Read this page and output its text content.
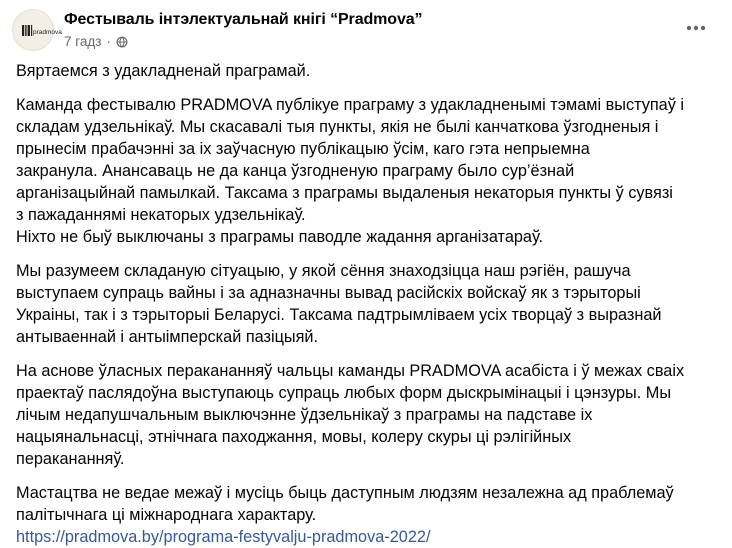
pradmova
Фестываль інтэлектуальнай кнігі “Pradmova”
7 гадз ·

Вяртаемся з удакладненай праграмай.

Каманда фестывалю PRADMOVA публікуе праграму з удакладненымі тэмамі выступаў і
складам удзельнікаў. Мы скасавалі тыя пункты, якія не былі канчаткова ўзгодненыя і
прынесім прабачэнні за іх заўчасную публікацыю ўсім, каго гэта непрыемна
закранула. Анансаваць не да канца ўзгодненую праграму было сур’ёзнай
арганізацыйнай памылкай. Таксама з праграмы выдаленыя некаторыя пункты ў сувязі
з пажаданнямі некаторых удзельнікаў.
Ніхто не быў выключаны з праграмы паводле жадання арганізатараў.

Мы разумеем складаную сітуацыю, у якой сёння знаходзіцца наш рэгіён, рашуча
выступаем супраць вайны і за адназначны вывад расійскіх войскаў як з тэрыторыі
Украіны, так і з тэрыторыі Беларусі. Таксама падтрымліваем усіх творцаў з выразнай
антываеннай і антыімперскай пазіцыяй.

На аснове ўласных перакананняў чальцы каманды PRADMOVA асабіста і ў межах сваіх
праектаў паслядоўна выступаюць супраць любых форм дыскрымінацыі і цэнзуры. Мы
лічым недапушчальным выключэнне ўдзельнікаў з праграмы на падставе іх
нацыянальнасці, этнічнага паходжання, мовы, колеру скуры ці рэлігійных
перакананняў.

Мастацтва не ведае межаў і мусіць быць даступным людзям незалежна ад праблемаў
палітычнага ці міжнароднага характару.
https://pradmova.by/programa-festyvalju-pradmova-2022/
